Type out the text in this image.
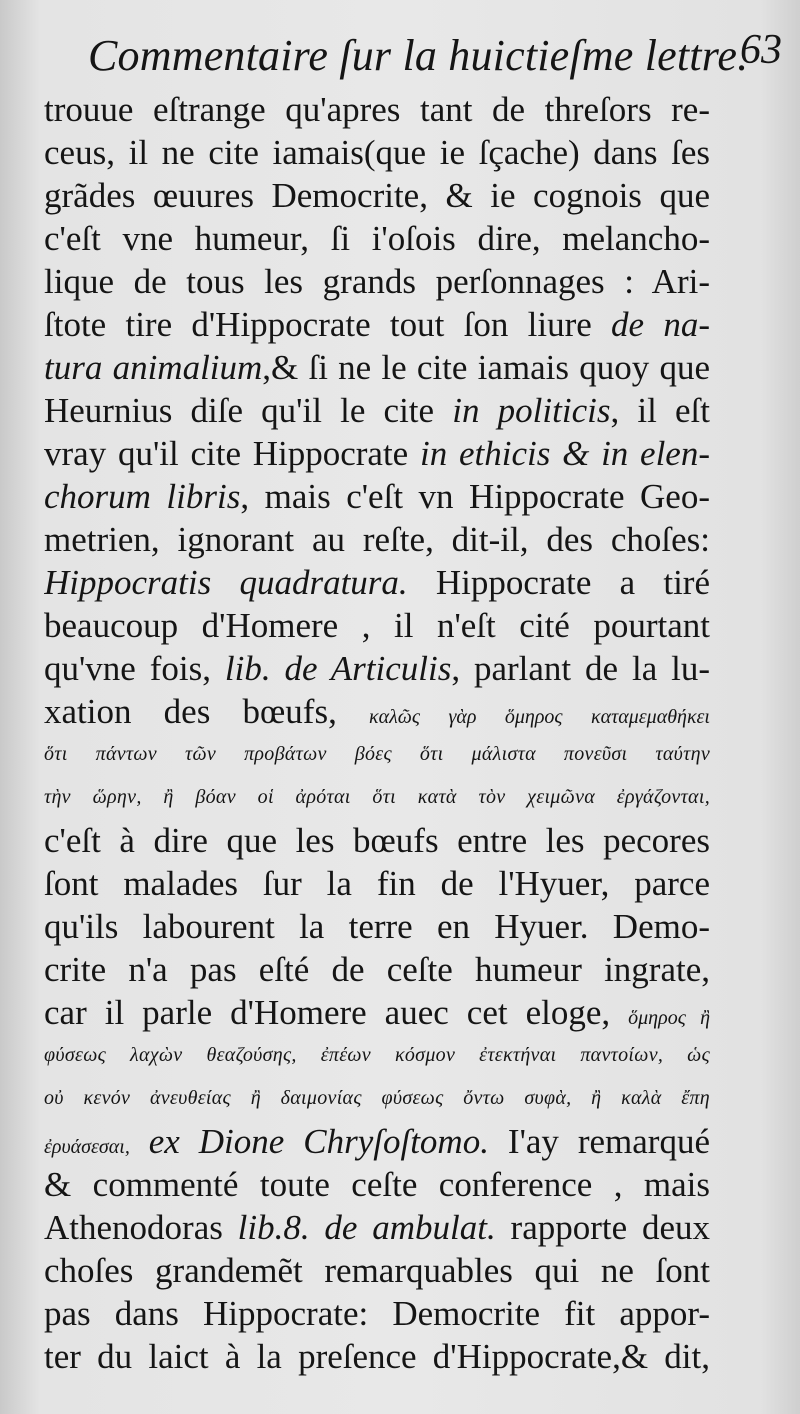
Commentaire ſur la huictieſme lettre.
63
trouue eſtrange qu'apres tant de threſors re-
ceus, il ne cite iamais(que ie ſçache) dans ſes
grãdes œuures Democrite, & ie cognois que
c'eſt vne humeur, ſi i'oſois dire, melancho-
lique de tous les grands perſonnages : Ari-
ſtote tire d'Hippocrate tout ſon liure de na-
tura animalium,& ſi ne le cite iamais quoy que
Heurnius diſe qu'il le cite in politicis, il eſt
vray qu'il cite Hippocrate in ethicis & in elen-
chorum libris, mais c'eſt vn Hippocrate Geo-
metrien, ignorant au reſte, dit-il, des choſes:
Hippocratis quadratura. Hippocrate a tiré
beaucoup d'Homere , il n'eſt cité pourtant
qu'vne fois, lib. de Articulis, parlant de la lu-
xation des bœufs, καλῶς γὰρ ὅμηρος καταμεμαθήκει
ὅτι πάντων τῶν προβάτων βόες ὅτι μάλιστα πονεῦσι ταύτην
τὴν ὥρην, ἢ βόαν οἱ ἀρόται ὅτι κατὰ τὸν χειμῶνα ἐργάζονται,
c'eſt à dire que les bœufs entre les pecores
ſont malades ſur la fin de l'Hyuer, parce
qu'ils labourent la terre en Hyuer. Demo-
crite n'a pas eſté de ceſte humeur ingrate,
car il parle d'Homere auec cet eloge, ὅμηρος ἢ
φύσεως λαχὼν θεαζούσης, ἐπέων κόσμον ἐτεκτήναι παντοίων, ὡς
οὐ κενόν ἀνευθείας ἢ δαιμονίας φύσεως ὄντω συφὰ, ἢ καλὰ ἔπη
ἐρυάσεσαι, ex Dione Chryſoſtomo. I'ay remarqué
& commenté toute ceſte conference , mais
Athenodoras lib.8. de ambulat. rapporte deux
choſes grandemẽt remarquables qui ne ſont
pas dans Hippocrate: Democrite fit appor-
ter du laict à la preſence d'Hippocrate,& dit,
